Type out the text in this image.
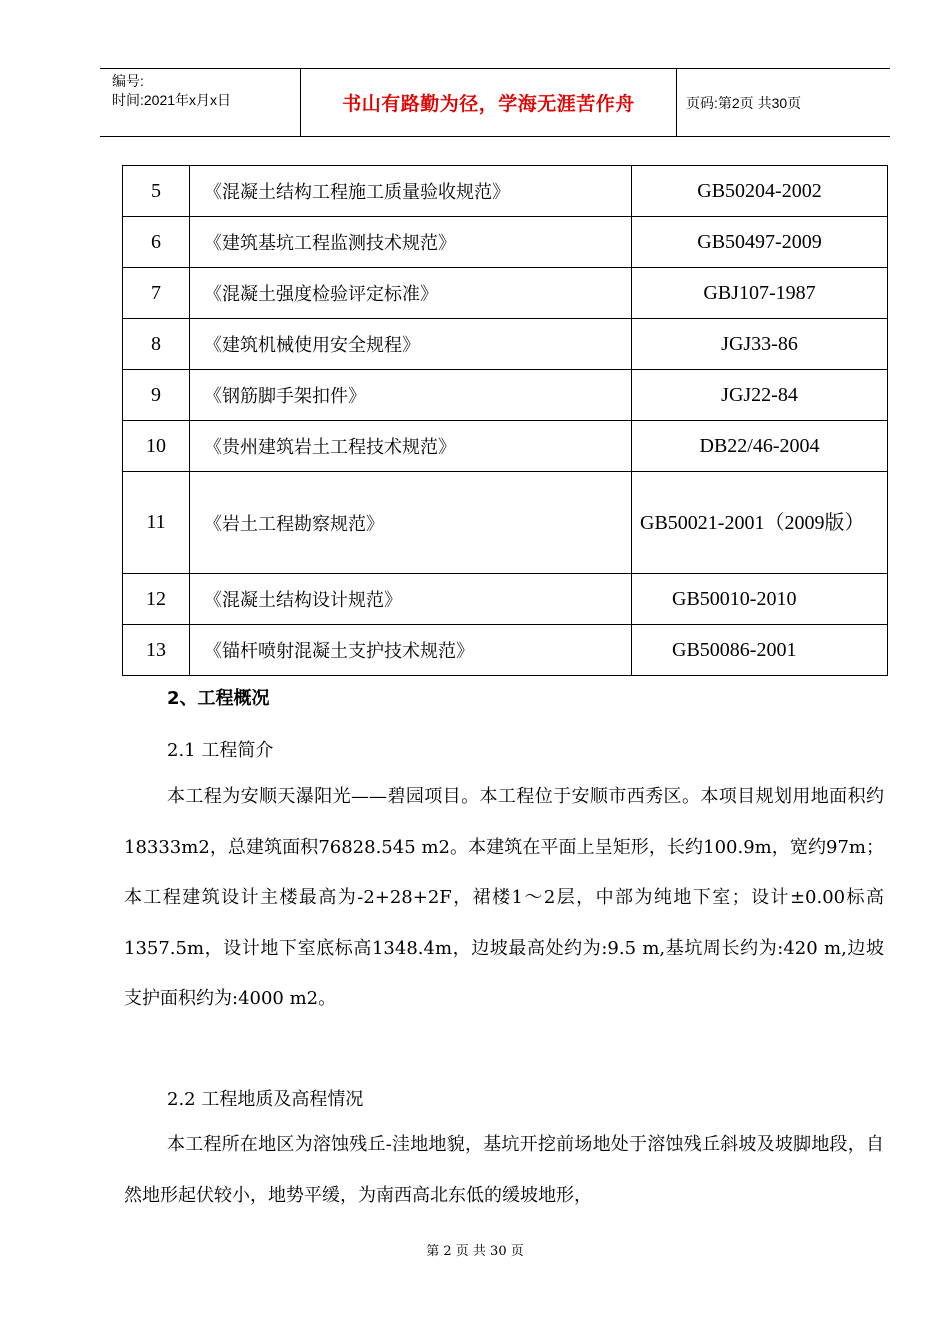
编号:
时间:2021年x月x日	书山有路勤为径，学海无涯苦作舟	页码:第2页 共30页
5	《混凝土结构工程施工质量验收规范》	GB50204-2002
6	《建筑基坑工程监测技术规范》	GB50497-2009
7	《混凝土强度检验评定标准》	GBJ107-1987
8	《建筑机械使用安全规程》	JGJ33-86
9	《钢筋脚手架扣件》	JGJ22-84
10	《贵州建筑岩土工程技术规范》	DB22/46-2004
11	《岩土工程勘察规范》	GB50021-2001（2009版）
12	《混凝土结构设计规范》	GB50010-2010
13	《锚杆喷射混凝土支护技术规范》	GB50086-2001
2、工程概况
2.1 工程简介

本工程为安顺天瀑阳光——碧园项目。本工程位于安顺市西秀区。本项目规划用地面积约18333m2，总建筑面积76828.545 m2。本建筑在平面上呈矩形，长约100.9m，宽约97m；本工程建筑设计主楼最高为-2+28+2F，裙楼1～2层，中部为纯地下室；设计±0.00标高1357.5m，设计地下室底标高1348.4m，边坡最高处约为:9.5 m,基坑周长约为:420 m,边坡支护面积约为:4000 m2。

2.2 工程地质及高程情况

本工程所在地区为溶蚀残丘-洼地地貌，基坑开挖前场地处于溶蚀残丘斜坡及坡脚地段，自然地形起伏较小，地势平缓，为南西高北东低的缓坡地形，

第 2 页 共 30 页
